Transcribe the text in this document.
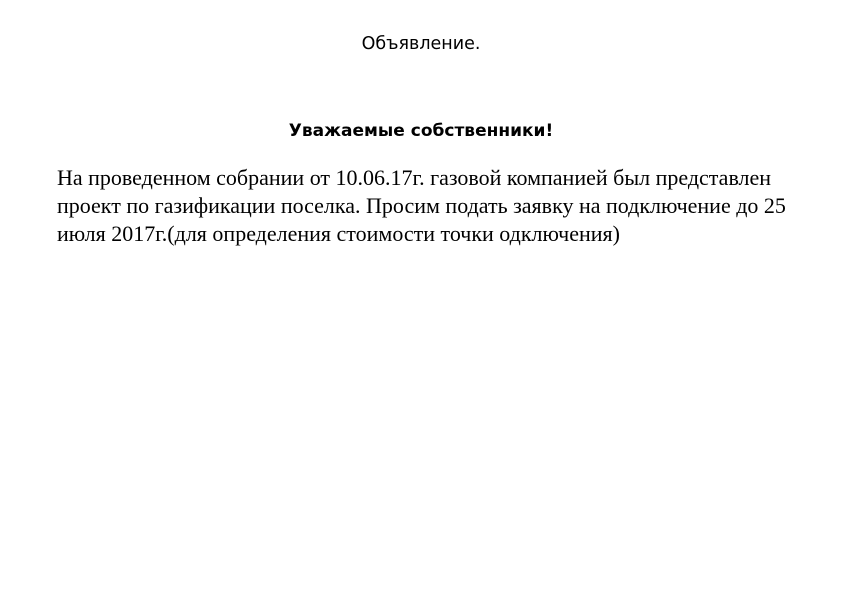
Объявление.
Уважаемые собственники!

На проведенном собрании от 10.06.17г. газовой компанией был представлен проект по газификации поселка. Просим подать заявку на подключение до 25 июля 2017г.(для определения стоимости точки одключения)
